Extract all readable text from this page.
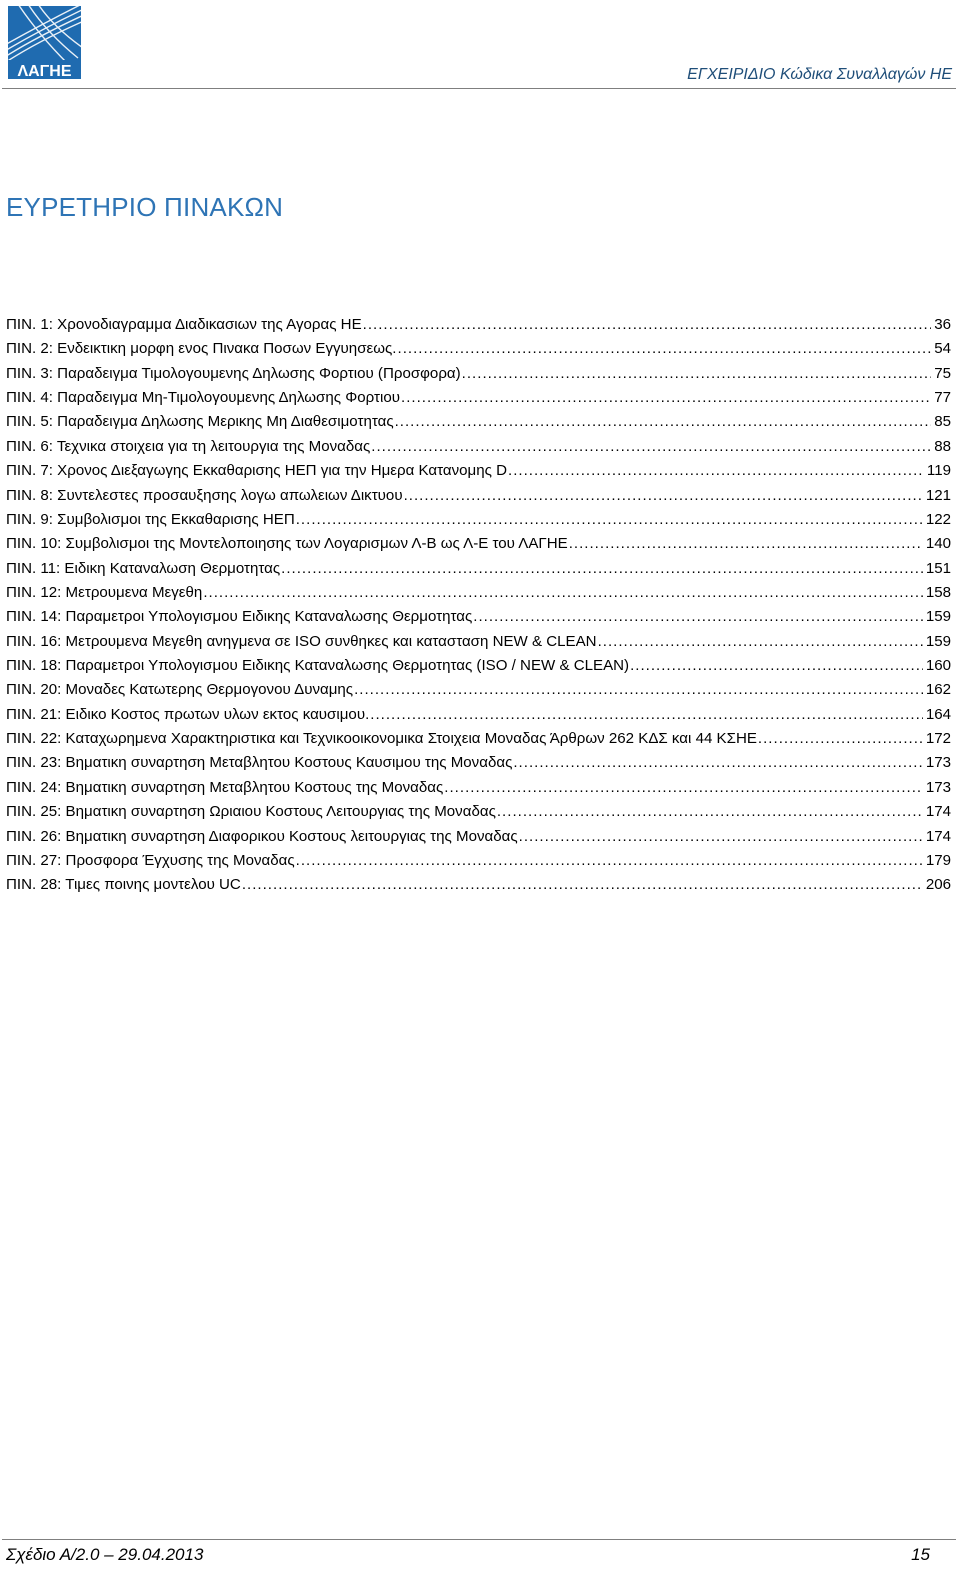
ΛΑΓΗΕ	ΕΓΧΕΙΡΙΔΙΟ Κώδικα Συναλλαγών ΗΕ
ΕΥΡΕΤΗΡΙΟ ΠΙΝΑΚΩΝ
ΠΙΝ. 1: Χρονοδιαγραμμα Διαδικασιων της Αγορας ΗΕ .....	36
ΠΙΝ. 2: Ενδεικτικη μορφη ενος Πινακα Ποσων Εγγυησεως. .....	54
ΠΙΝ. 3: Παραδειγμα Τιμολογουμενης Δηλωσης Φορτιου (Προσφορα) .....	75
ΠΙΝ. 4: Παραδειγμα Μη-Τιμολογουμενης Δηλωσης Φορτιου .....	77
ΠΙΝ. 5: Παραδειγμα Δηλωσης Μερικης Μη Διαθεσιμοτητας .....	85
ΠΙΝ. 6: Τεχνικα στοιχεια για τη λειτουργια της Μοναδας .....	88
ΠΙΝ. 7: Χρονος Διεξαγωγης Εκκαθαρισης ΗΕΠ για την Ημερα Κατανομης D .....	119
ΠΙΝ. 8: Συντελεστες προσαυξησης λογω απωλειων Δικτυου .....	121
ΠΙΝ. 9: Συμβολισμοι της Εκκαθαρισης ΗΕΠ .....	122
ΠΙΝ. 10: Συμβολισμοι της Μοντελοποιησης των Λογαρισμων Λ-Β ως Λ-Ε του ΛΑΓΗΕ .....	140
ΠΙΝ. 11: Ειδικη Καταναλωση Θερμοτητας .....	151
ΠΙΝ. 12: Μετρουμενα Μεγεθη .....	158
ΠΙΝ. 14: Παραμετροι Υπολογισμου Ειδικης Καταναλωσης Θερμοτητας .....	159
ΠΙΝ. 16: Μετρουμενα Μεγεθη ανηγμενα σε ISO συνθηκες και κατασταση NEW & CLEAN .....	159
ΠΙΝ. 18: Παραμετροι Υπολογισμου Ειδικης Καταναλωσης Θερμοτητας (ISO / NEW & CLEAN) .....	160
ΠΙΝ. 20: Μοναδες Κατωτερης Θερμογονου Δυναμης .....	162
ΠΙΝ. 21: Ειδικο Κοστος πρωτων υλων εκτος καυσιμου. .....	164
ΠΙΝ. 22: Καταχωρημενα Χαρακτηριστικα και Τεχνικοοικονομικα Στοιχεια Μοναδας Άρθρων 262 ΚΔΣ και 44 ΚΣΗΕ .....	172
ΠΙΝ. 23: Βηματικη συναρτηση Μεταβλητου Κοστους Καυσιμου της Μοναδας .....	173
ΠΙΝ. 24: Βηματικη συναρτηση Μεταβλητου Κοστους της Μοναδας .....	173
ΠΙΝ. 25: Βηματικη συναρτηση Ωριαιου Κοστους Λειτουργιας της Μοναδας .....	174
ΠΙΝ. 26: Βηματικη συναρτηση Διαφορικου Κοστους λειτουργιας της Μοναδας .....	174
ΠΙΝ. 27: Προσφορα Έγχυσης της Μοναδας .....	179
ΠΙΝ. 28: Τιμες ποινης μοντελου UC .....	206
Σχέδιο Α/2.0 – 29.04.2013	15
